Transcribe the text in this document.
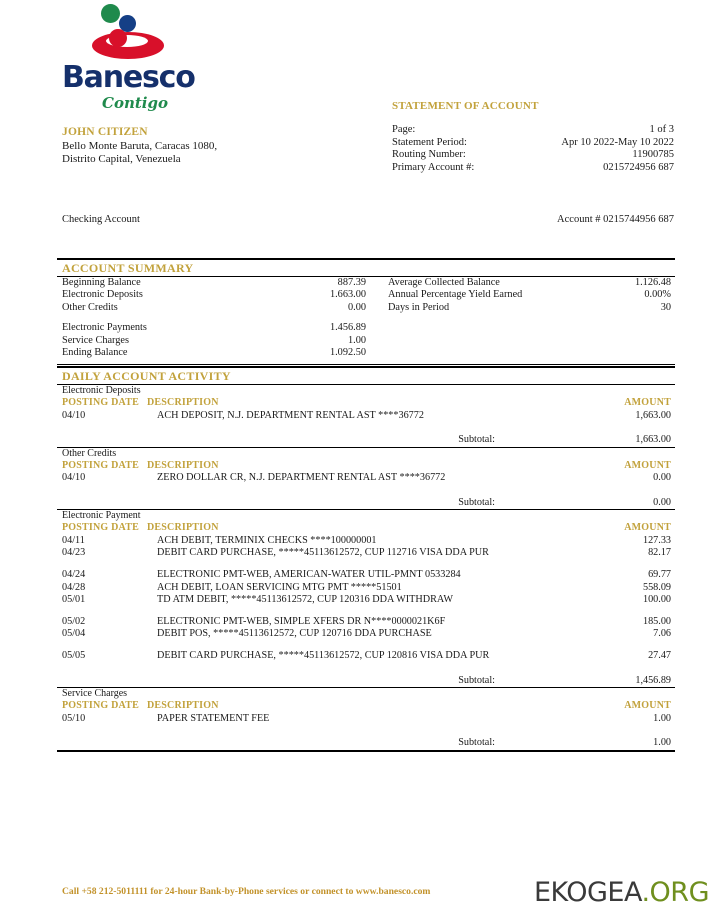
Banesco
Contigo
JOHN CITIZEN
Bello Monte Baruta, Caracas 1080,
Distrito Capital, Venezuela
STATEMENT OF ACCOUNT
Page:	1 of 3
Statement Period:	Apr 10 2022-May 10 2022
Routing Number:	11900785
Primary Account #:	0215724956 687
Checking Account	Account # 0215744956 687
ACCOUNT SUMMARY
Beginning Balance	887.39
Electronic Deposits	1.663.00
Other Credits	0.00
Electronic Payments	1.456.89
Service Charges	1.00
Ending Balance	1.092.50
Average Collected Balance	1.126.48
Annual Percentage Yield Earned	0.00%
Days in Period	30
DAILY ACCOUNT ACTIVITY
Electronic Deposits
POSTING DATE DESCRIPTION	AMOUNT
04/10	ACH DEPOSIT, N.J. DEPARTMENT RENTAL AST ****36772	1,663.00
Subtotal:	1,663.00
Other Credits
POSTING DATE DESCRIPTION	AMOUNT
04/10	ZERO DOLLAR CR, N.J. DEPARTMENT RENTAL AST ****36772	0.00
Subtotal:	0.00
Electronic Payment
POSTING DATE DESCRIPTION	AMOUNT
04/11	ACH DEBIT, TERMINIX CHECKS ****100000001	127.33
04/23	DEBIT CARD PURCHASE, *****45113612572, CUP 112716 VISA DDA PUR	82.17
04/24	ELECTRONIC PMT-WEB, AMERICAN-WATER UTIL-PMNT 0533284	69.77
04/28	ACH DEBIT, LOAN SERVICING MTG PMT *****51501	558.09
05/01	TD ATM DEBIT, *****45113612572, CUP 120316 DDA WITHDRAW	100.00
05/02	ELECTRONIC PMT-WEB, SIMPLE XFERS DR N****0000021K6F	185.00
05/04	DEBIT POS, *****45113612572, CUP 120716 DDA PURCHASE	7.06
05/05	DEBIT CARD PURCHASE, *****45113612572, CUP 120816 VISA DDA PUR	27.47
Subtotal:	1,456.89
Service Charges
POSTING DATE DESCRIPTION	AMOUNT
05/10	PAPER STATEMENT FEE	1.00
Subtotal:	1.00
Call +58 212-5011111 for 24-hour Bank-by-Phone services or connect to www.banesco.com	EKOGEA.ORG
